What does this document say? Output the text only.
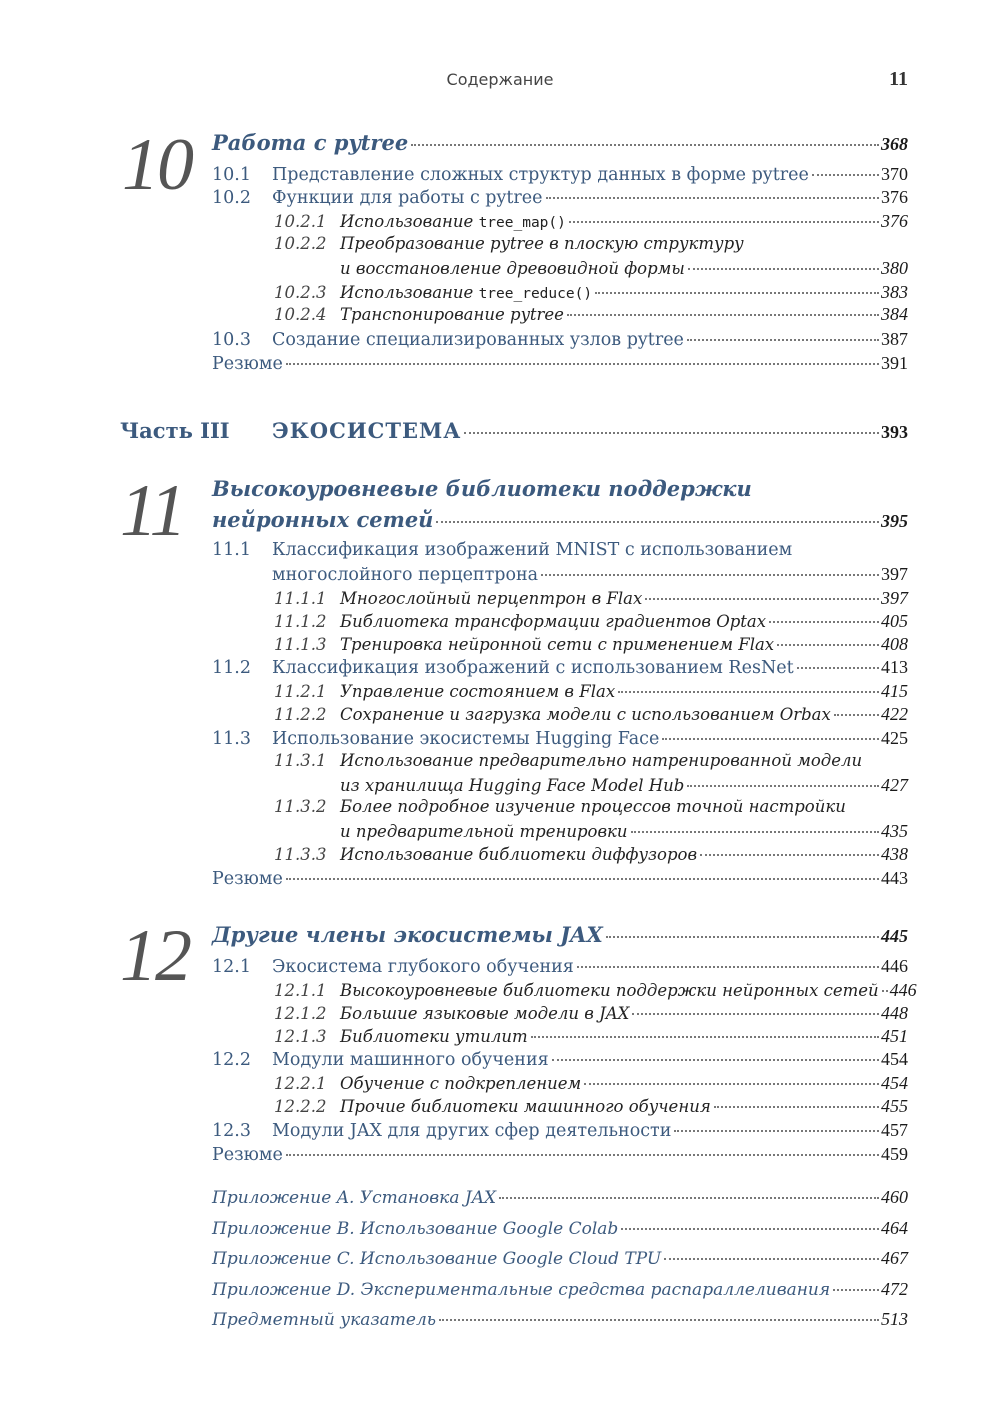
Содержание	11
10 Работа с pytree	368
10.1 Представление сложных структур данных в форме pytree	370
10.2 Функции для работы с pytree	376
10.2.1 Использование tree_map()	376
10.2.2 Преобразование pytree в плоскую структуру
и восстановление древовидной формы	380
10.2.3 Использование tree_reduce()	383
10.2.4 Транспонирование pytree	384
10.3 Создание специализированных узлов pytree	387
Резюме	391
Часть III ЭКОСИСТЕМА	393
11 Высокоуровневые библиотеки поддержки
нейронных сетей	395
11.1 Классификация изображений MNIST с использованием
многослойного перцептрона	397
11.1.1 Многослойный перцептрон в Flax	397
11.1.2 Библиотека трансформации градиентов Optax	405
11.1.3 Тренировка нейронной сети с применением Flax	408
11.2 Классификация изображений с использованием ResNet	413
11.2.1 Управление состоянием в Flax	415
11.2.2 Сохранение и загрузка модели с использованием Orbax	422
11.3 Использование экосистемы Hugging Face	425
11.3.1 Использование предварительно натренированной модели
из хранилища Hugging Face Model Hub	427
11.3.2 Более подробное изучение процессов точной настройки
и предварительной тренировки	435
11.3.3 Использование библиотеки диффузоров	438
Резюме	443
12 Другие члены экосистемы JAX	445
12.1 Экосистема глубокого обучения	446
12.1.1 Высокоуровневые библиотеки поддержки нейронных сетей 446
12.1.2 Большие языковые модели в JAX	448
12.1.3 Библиотеки утилит	451
12.2 Модули машинного обучения	454
12.2.1 Обучение с подкреплением	454
12.2.2 Прочие библиотеки машинного обучения	455
12.3 Модули JAX для других сфер деятельности	457
Резюме	459
Приложение A. Установка JAX	460
Приложение B. Использование Google Colab	464
Приложение C. Использование Google Cloud TPU	467
Приложение D. Экспериментальные средства распараллеливания	472
Предметный указатель	513
